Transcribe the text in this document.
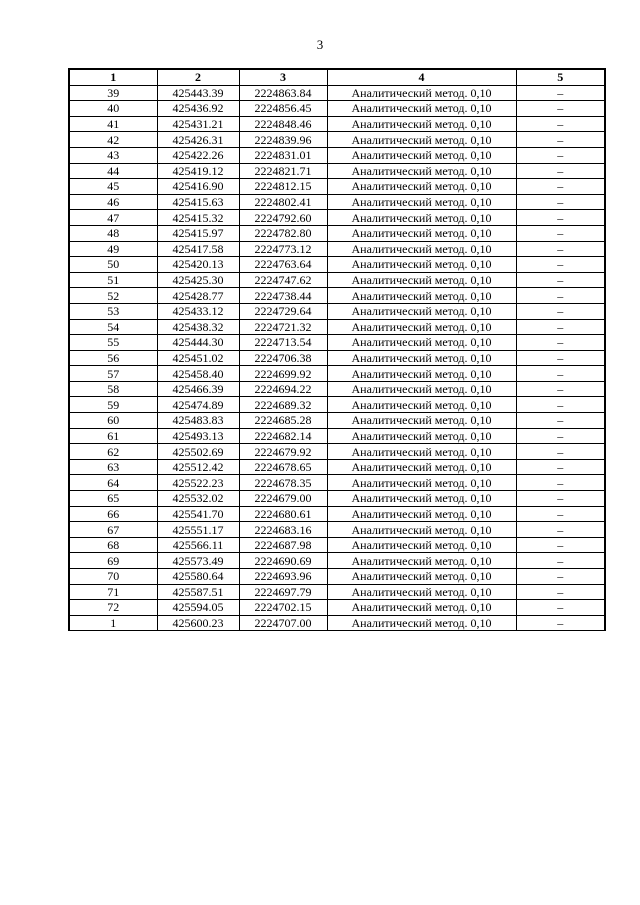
3
1	2	3	4	5
39	425443.39	2224863.84	Аналитический метод. 0,10	–
40	425436.92	2224856.45	Аналитический метод. 0,10	–
41	425431.21	2224848.46	Аналитический метод. 0,10	–
42	425426.31	2224839.96	Аналитический метод. 0,10	–
43	425422.26	2224831.01	Аналитический метод. 0,10	–
44	425419.12	2224821.71	Аналитический метод. 0,10	–
45	425416.90	2224812.15	Аналитический метод. 0,10	–
46	425415.63	2224802.41	Аналитический метод. 0,10	–
47	425415.32	2224792.60	Аналитический метод. 0,10	–
48	425415.97	2224782.80	Аналитический метод. 0,10	–
49	425417.58	2224773.12	Аналитический метод. 0,10	–
50	425420.13	2224763.64	Аналитический метод. 0,10	–
51	425425.30	2224747.62	Аналитический метод. 0,10	–
52	425428.77	2224738.44	Аналитический метод. 0,10	–
53	425433.12	2224729.64	Аналитический метод. 0,10	–
54	425438.32	2224721.32	Аналитический метод. 0,10	–
55	425444.30	2224713.54	Аналитический метод. 0,10	–
56	425451.02	2224706.38	Аналитический метод. 0,10	–
57	425458.40	2224699.92	Аналитический метод. 0,10	–
58	425466.39	2224694.22	Аналитический метод. 0,10	–
59	425474.89	2224689.32	Аналитический метод. 0,10	–
60	425483.83	2224685.28	Аналитический метод. 0,10	–
61	425493.13	2224682.14	Аналитический метод. 0,10	–
62	425502.69	2224679.92	Аналитический метод. 0,10	–
63	425512.42	2224678.65	Аналитический метод. 0,10	–
64	425522.23	2224678.35	Аналитический метод. 0,10	–
65	425532.02	2224679.00	Аналитический метод. 0,10	–
66	425541.70	2224680.61	Аналитический метод. 0,10	–
67	425551.17	2224683.16	Аналитический метод. 0,10	–
68	425566.11	2224687.98	Аналитический метод. 0,10	–
69	425573.49	2224690.69	Аналитический метод. 0,10	–
70	425580.64	2224693.96	Аналитический метод. 0,10	–
71	425587.51	2224697.79	Аналитический метод. 0,10	–
72	425594.05	2224702.15	Аналитический метод. 0,10	–
1	425600.23	2224707.00	Аналитический метод. 0,10	–
